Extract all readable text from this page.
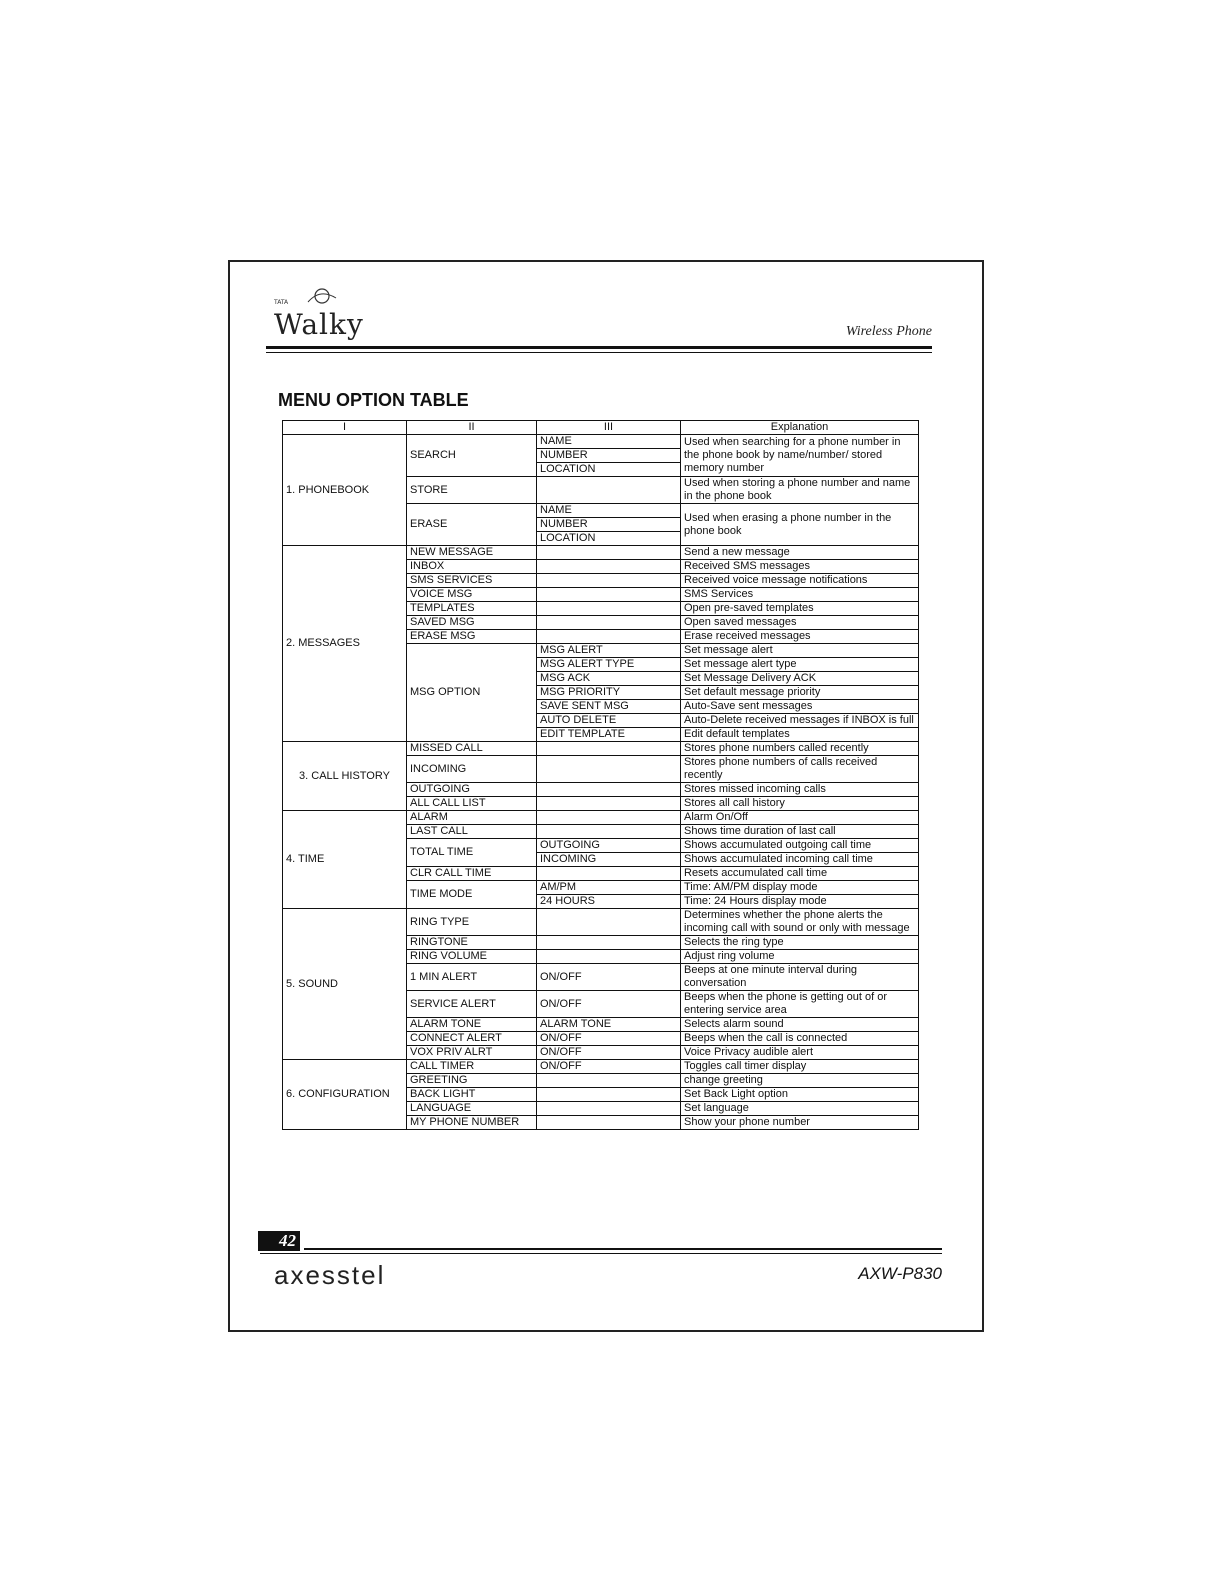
TATA
Walky	Wireless Phone
MENU OPTION TABLE
I	II	III	Explanation
1. PHONEBOOK	SEARCH	NAME	Used when searching for a phone number in the phone book by name/number/ stored memory number
		NUMBER	
		LOCATION	
	STORE		Used when storing a phone number and name in the phone book
	ERASE	NAME	Used when erasing a phone number in the phone book
		NUMBER	
		LOCATION	
2. MESSAGES	NEW MESSAGE		Send a new message
	INBOX		Received SMS messages
	SMS SERVICES		Received voice message notifications
	VOICE MSG		SMS Services
	TEMPLATES		Open pre-saved templates
	SAVED MSG		Open saved messages
	ERASE MSG		Erase received messages
	MSG OPTION	MSG ALERT	Set message alert
		MSG ALERT TYPE	Set message alert type
		MSG ACK	Set Message Delivery ACK
		MSG PRIORITY	Set default message priority
		SAVE SENT MSG	Auto-Save sent messages
		AUTO DELETE	Auto-Delete received messages if INBOX is full
		EDIT TEMPLATE	Edit default templates
3. CALL HISTORY	MISSED CALL		Stores phone numbers called recently
	INCOMING		Stores phone numbers of calls received recently
	OUTGOING		Stores missed incoming calls
	ALL CALL LIST		Stores all call history
4. TIME	ALARM		Alarm On/Off
	LAST CALL		Shows time duration of last call
	TOTAL TIME	OUTGOING	Shows accumulated outgoing call time
		INCOMING	Shows accumulated incoming call time
	CLR CALL TIME		Resets accumulated call time
	TIME MODE	AM/PM	Time: AM/PM display mode
		24 HOURS	Time: 24 Hours display mode
5. SOUND	RING TYPE		Determines whether the phone alerts the incoming call with sound or only with message
	RINGTONE		Selects the ring type
	RING VOLUME		Adjust ring volume
	1 MIN ALERT	ON/OFF	Beeps at one minute interval during conversation
	SERVICE ALERT	ON/OFF	Beeps when the phone is getting out of or entering service area
	ALARM TONE	ALARM TONE	Selects alarm sound
	CONNECT ALERT	ON/OFF	Beeps when the call is connected
	VOX PRIV ALRT	ON/OFF	Voice Privacy audible alert
6. CONFIGURATION	CALL TIMER	ON/OFF	Toggles call timer display
	GREETING		change greeting
	BACK LIGHT		Set Back Light option
	LANGUAGE		Set language
	MY PHONE NUMBER		Show your phone number
42
axesstel	AXW-P830
